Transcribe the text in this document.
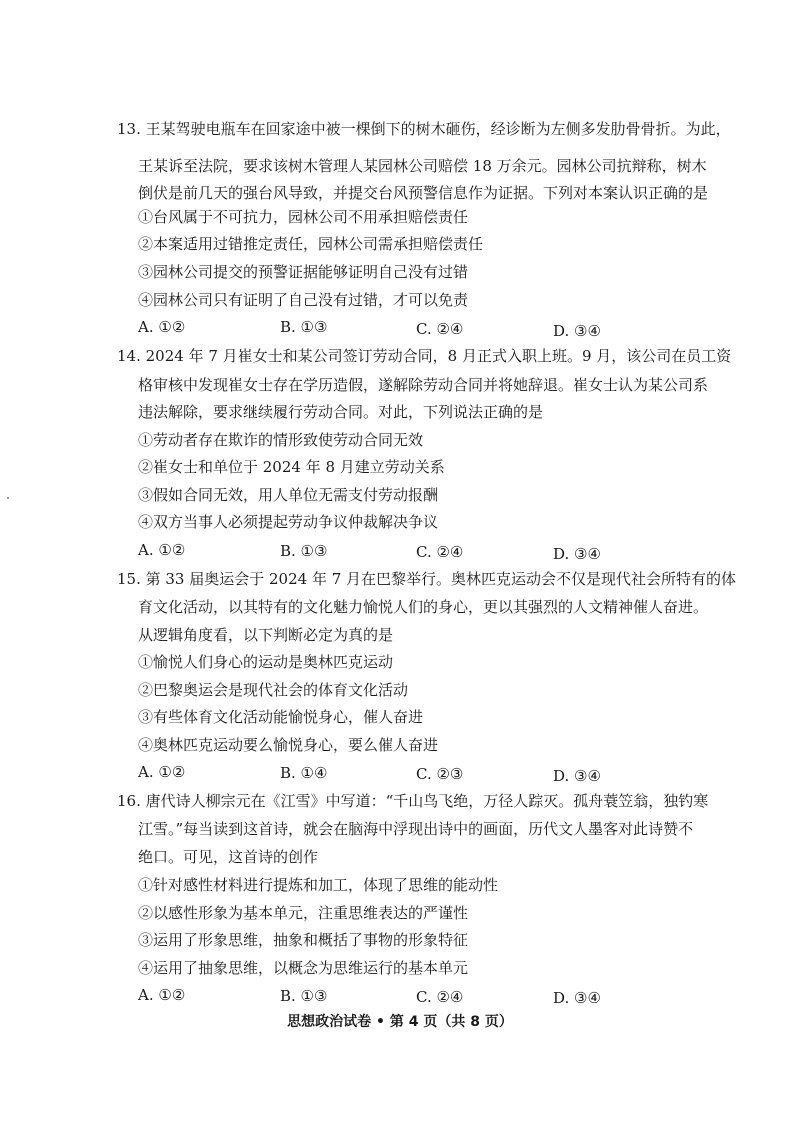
13. 王某驾驶电瓶车在回家途中被一棵倒下的树木砸伤，经诊断为左侧多发肋骨骨折。为此，
王某诉至法院，要求该树木管理人某园林公司赔偿 18 万余元。园林公司抗辩称，树木
倒伏是前几天的强台风导致，并提交台风预警信息作为证据。下列对本案认识正确的是
①台风属于不可抗力，园林公司不用承担赔偿责任
②本案适用过错推定责任，园林公司需承担赔偿责任
③园林公司提交的预警证据能够证明自己没有过错
④园林公司只有证明了自己没有过错，才可以免责
A. ①②	B. ①③	C. ②④	D. ③④
14. 2024 年 7 月崔女士和某公司签订劳动合同，8 月正式入职上班。9 月，该公司在员工资
格审核中发现崔女士存在学历造假，遂解除劳动合同并将她辞退。崔女士认为某公司系
违法解除，要求继续履行劳动合同。对此，下列说法正确的是
①劳动者存在欺诈的情形致使劳动合同无效
②崔女士和单位于 2024 年 8 月建立劳动关系
③假如合同无效，用人单位无需支付劳动报酬
④双方当事人必须提起劳动争议仲裁解决争议
A. ①②	B. ①③	C. ②④	D. ③④
15. 第 33 届奥运会于 2024 年 7 月在巴黎举行。奥林匹克运动会不仅是现代社会所特有的体
育文化活动，以其特有的文化魅力愉悦人们的身心，更以其强烈的人文精神催人奋进。
从逻辑角度看，以下判断必定为真的是
①愉悦人们身心的运动是奥林匹克运动
②巴黎奥运会是现代社会的体育文化活动
③有些体育文化活动能愉悦身心，催人奋进
④奥林匹克运动要么愉悦身心，要么催人奋进
A. ①②	B. ①④	C. ②③	D. ③④
16. 唐代诗人柳宗元在《江雪》中写道：“千山鸟飞绝，万径人踪灭。孤舟蓑笠翁，独钓寒
江雪。”每当读到这首诗，就会在脑海中浮现出诗中的画面，历代文人墨客对此诗赞不
绝口。可见，这首诗的创作
①针对感性材料进行提炼和加工，体现了思维的能动性
②以感性形象为基本单元，注重思维表达的严谨性
③运用了形象思维，抽象和概括了事物的形象特征
④运用了抽象思维，以概念为思维运行的基本单元
A. ①②	B. ①③	C. ②④	D. ③④
思想政治试卷 • 第 4 页（共 8 页）
